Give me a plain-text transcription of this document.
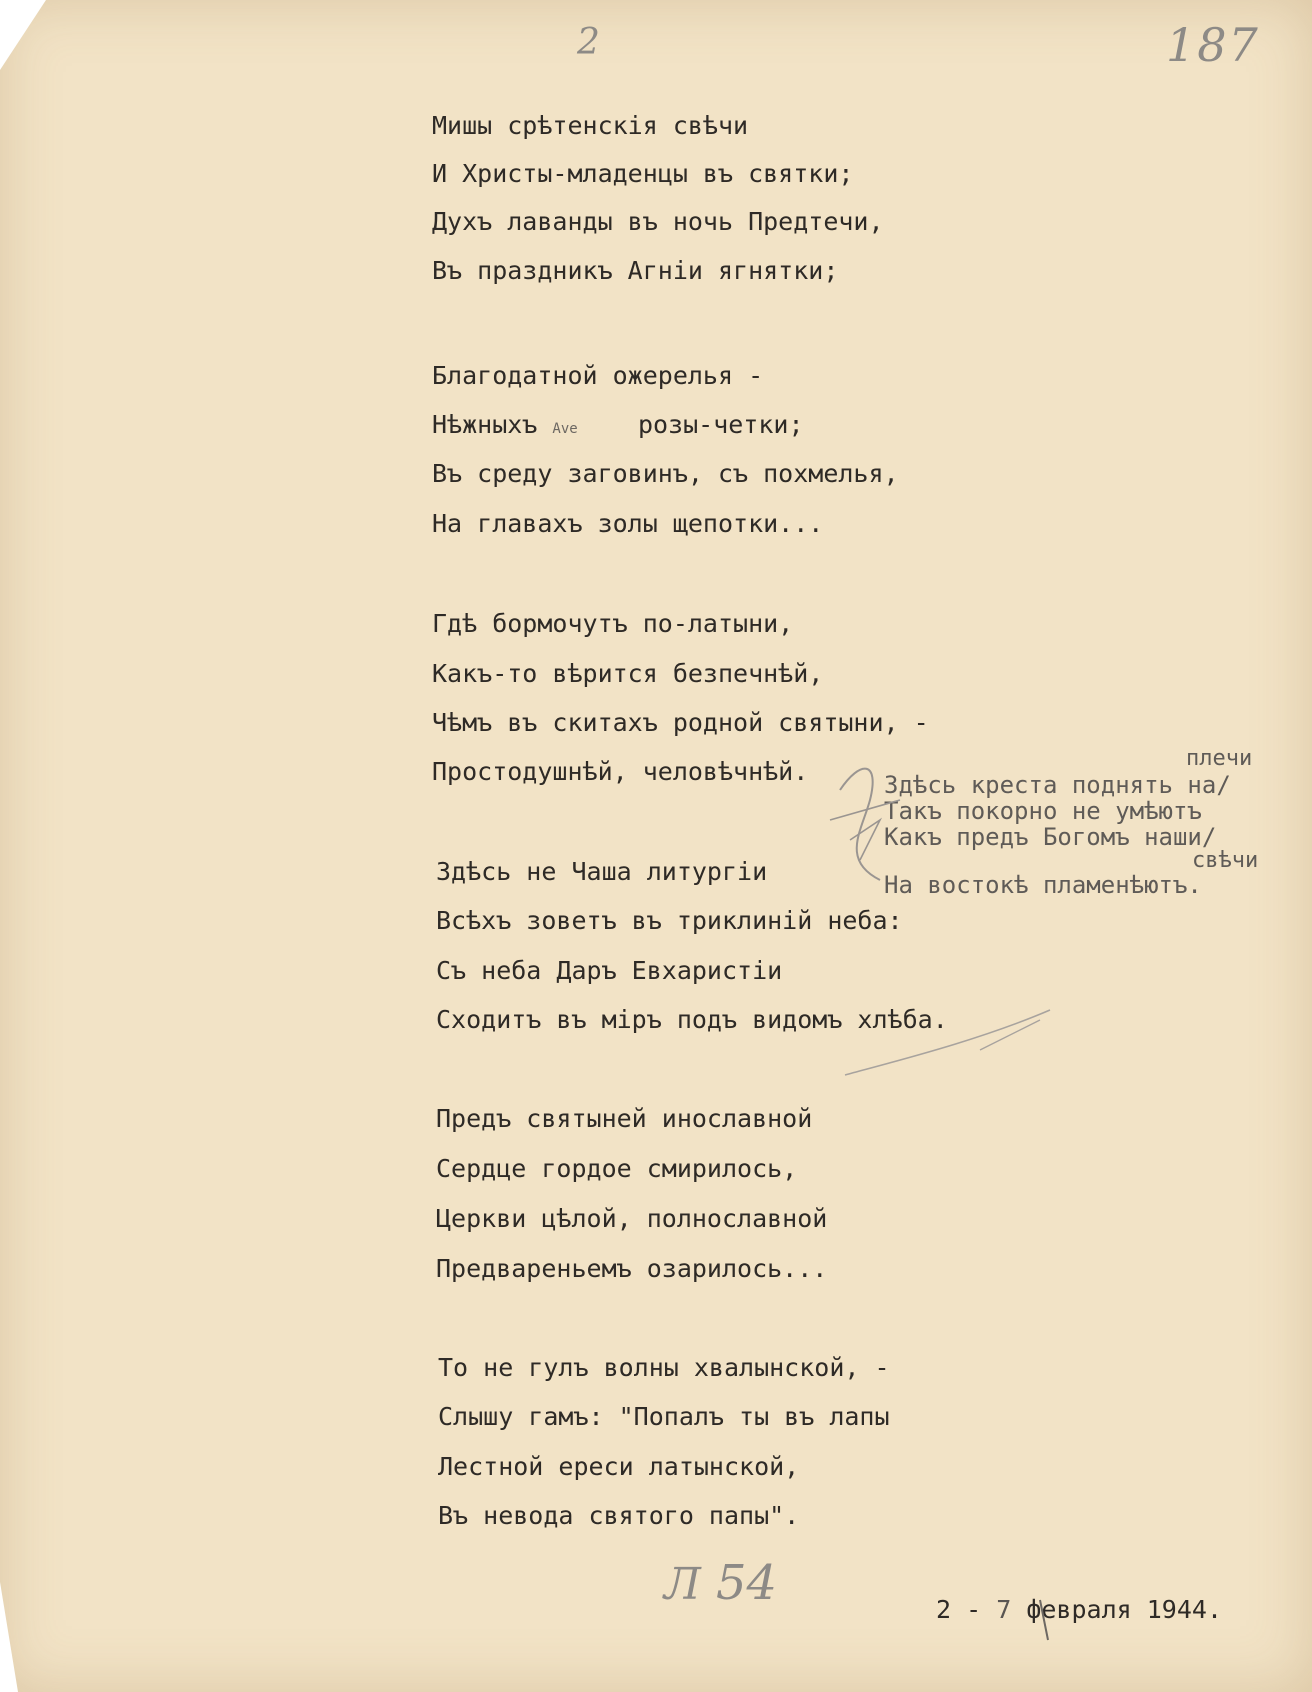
2	187
Мишы срѣтенскія свѣчи
И Христы-младенцы въ святки;
Духъ лаванды въ ночь Предтечи,
Въ праздникъ Агніи ягнятки;
Благодатной ожерелья -
Нѣжныхъ Ave розы-четки;
Въ среду заговинъ, съ похмелья,
На главахъ золы щепотки...
Гдѣ бормочутъ по-латыни,
Какъ-то вѣрится безпечнѣй,
Чѣмъ въ скитахъ родной святыни, -
Простодушнѣй, человѣчнѣй.	плечи
Здѣсь креста поднять на/
Такъ покорно не умѣютъ
Какъ предъ Богомъ наши/
свѣчи
На востокѣ пламенѣютъ.
Здѣсь не Чаша литургіи
Всѣхъ зоветъ въ триклиній неба:
Съ неба Даръ Евхаристіи
Сходитъ въ міръ подъ видомъ хлѣба.
Предъ святыней инославной
Сердце гордое смирилось,
Церкви цѣлой, полнославной
Предвареньемъ озарилось...
То не гулъ волны хвалынской, -
Слышу гамъ: "Попалъ ты въ лапы
Лестной ереси латынской,
Въ невода святого папы".
Л 54	2 - 7 февраля 1944.
